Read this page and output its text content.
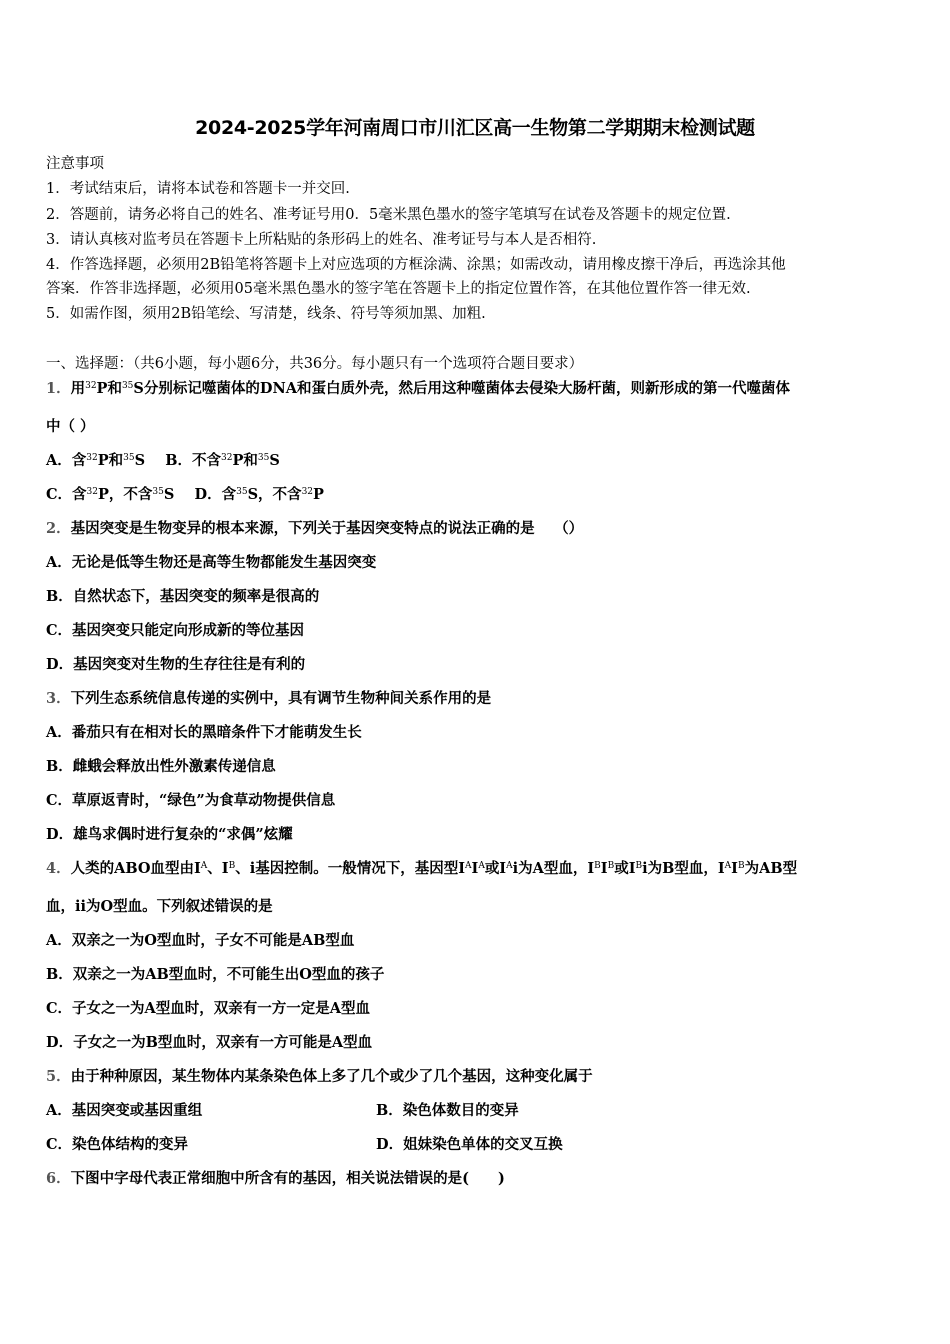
2024-2025学年河南周口市川汇区高一生物第二学期期末检测试题
注意事项
1．考试结束后，请将本试卷和答题卡一并交回.
2．答题前，请务必将自己的姓名、准考证号用0．5毫米黑色墨水的签字笔填写在试卷及答题卡的规定位置.
3．请认真核对监考员在答题卡上所粘贴的条形码上的姓名、准考证号与本人是否相符.
4．作答选择题，必须用2B铅笔将答题卡上对应选项的方框涂满、涂黑；如需改动，请用橡皮擦干净后，再选涂其他
答案．作答非选择题，必须用05毫米黑色墨水的签字笔在答题卡上的指定位置作答，在其他位置作答一律无效.
5．如需作图，须用2B铅笔绘、写清楚，线条、符号等须加黑、加粗.
一、选择题：（共6小题，每小题6分，共36分。每小题只有一个选项符合题目要求）
1．用$^{32}$P和$^{35}$S分别标记噬菌体的DNA和蛋白质外壳，然后用这种噬菌体去侵染大肠杆菌，则新形成的第一代噬菌体
中（ ）
A．含$^{32}$P和$^{35}$S B．不含$^{32}$P和$^{35}$S
C．含$^{32}$P，不含$^{35}$S D．含$^{35}$S，不含$^{32}$P
2．基因突变是生物变异的根本来源，下列关于基因突变特点的说法正确的是　 （）
A．无论是低等生物还是高等生物都能发生基因突变
B．自然状态下，基因突变的频率是很高的
C．基因突变只能定向形成新的等位基因
D．基因突变对生物的生存往往是有利的
3．下列生态系统信息传递的实例中，具有调节生物种间关系作用的是
A．番茄只有在相对长的黑暗条件下才能萌发生长
B．雌蛾会释放出性外激素传递信息
C．草原返青时，“绿色”为食草动物提供信息
D．雄鸟求偶时进行复杂的“求偶”炫耀
4．人类的ABO血型由$I^A$、$I^B$、i基因控制。一般情况下，基因型$I^AI^A$或$I^Ai$为A型血，$I^BI^B$或$I^Bi$为B型血，$I^AI^B$为AB型
血，ii为O型血。下列叙述错误的是
A．双亲之一为O型血时，子女不可能是AB型血
B．双亲之一为AB型血时，不可能生出O型血的孩子
C．子女之一为A型血时，双亲有一方一定是A型血
D．子女之一为B型血时，双亲有一方可能是A型血
5．由于种种原因，某生物体内某条染色体上多了几个或少了几个基因，这种变化属于
A．基因突变或基因重组	B．染色体数目的变异
C．染色体结构的变异	D．姐妹染色单体的交叉互换
6．下图中字母代表正常细胞中所含有的基因，相关说法错误的是(　　)
